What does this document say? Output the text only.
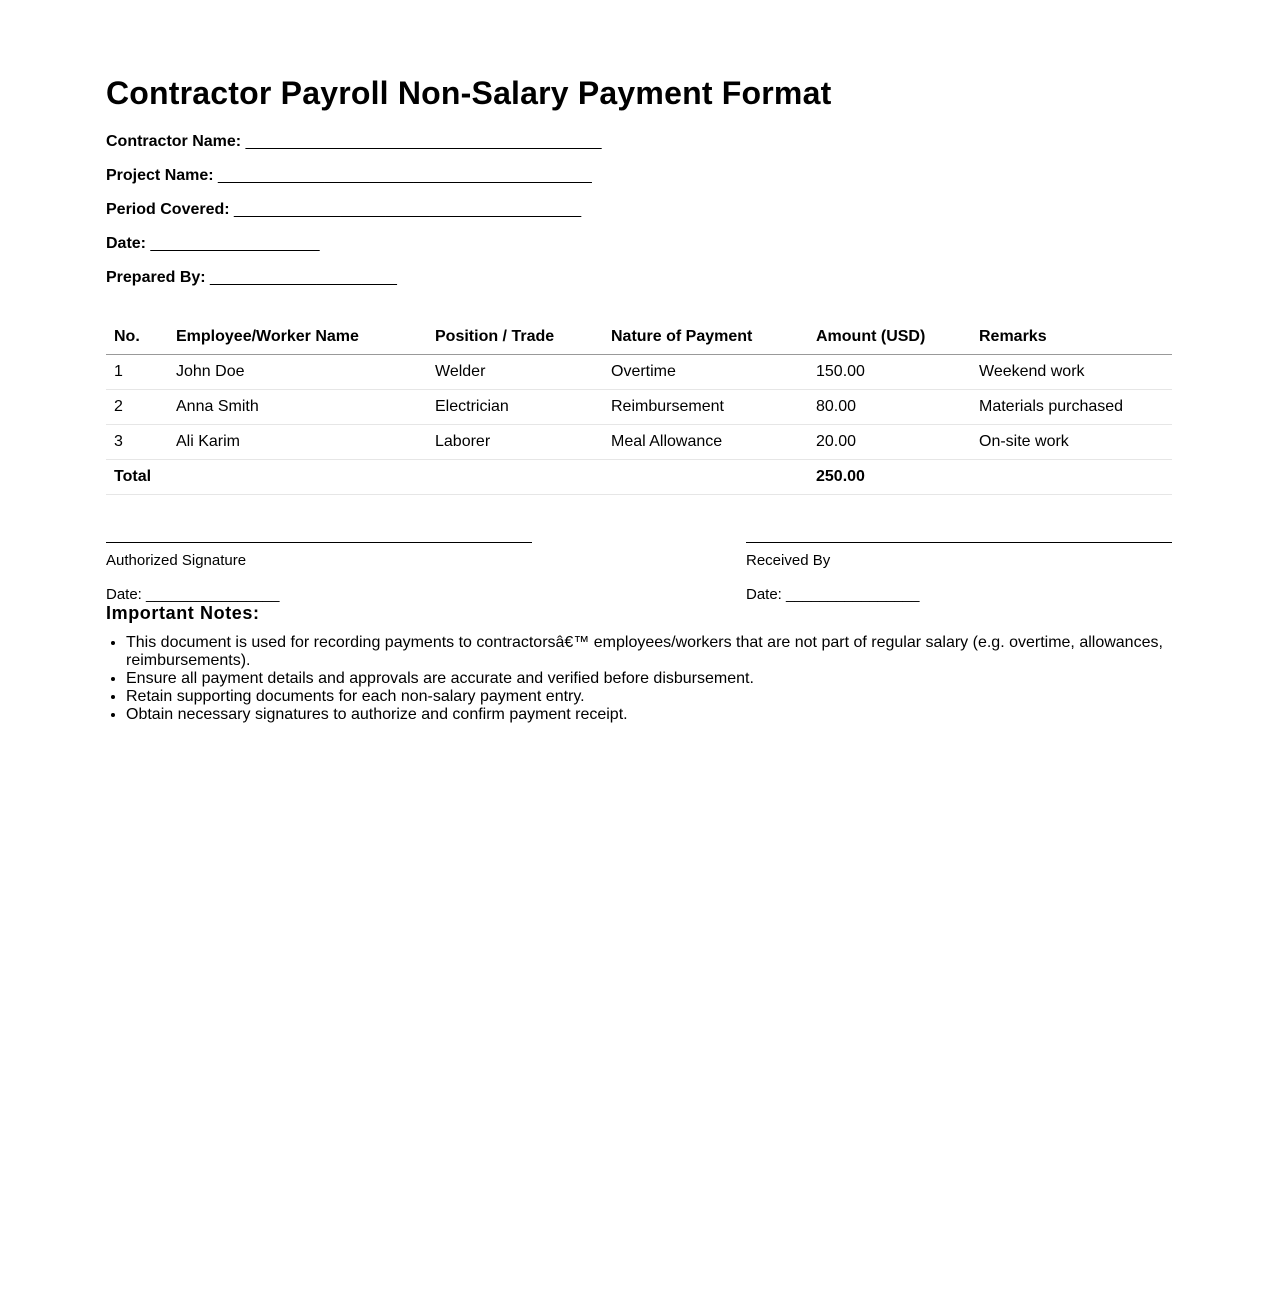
Contractor Payroll Non-Salary Payment Format
Contractor Name: ________________________________________
Project Name: __________________________________________
Period Covered: _______________________________________
Date: ___________________
Prepared By: _____________________
No.	Employee/Worker Name	Position / Trade	Nature of Payment	Amount (USD)	Remarks
1	John Doe	Welder	Overtime	150.00	Weekend work
2	Anna Smith	Electrician	Reimbursement	80.00	Materials purchased
3	Ali Karim	Laborer	Meal Allowance	20.00	On-site work
Total				250.00	
Authorized Signature
Date: ________________
Received By
Date: ________________
Important Notes:
• This document is used for recording payments to contractorsâ€™ employees/workers that are not part of regular salary (e.g. overtime, allowances, reimbursements).
• Ensure all payment details and approvals are accurate and verified before disbursement.
• Retain supporting documents for each non-salary payment entry.
• Obtain necessary signatures to authorize and confirm payment receipt.
